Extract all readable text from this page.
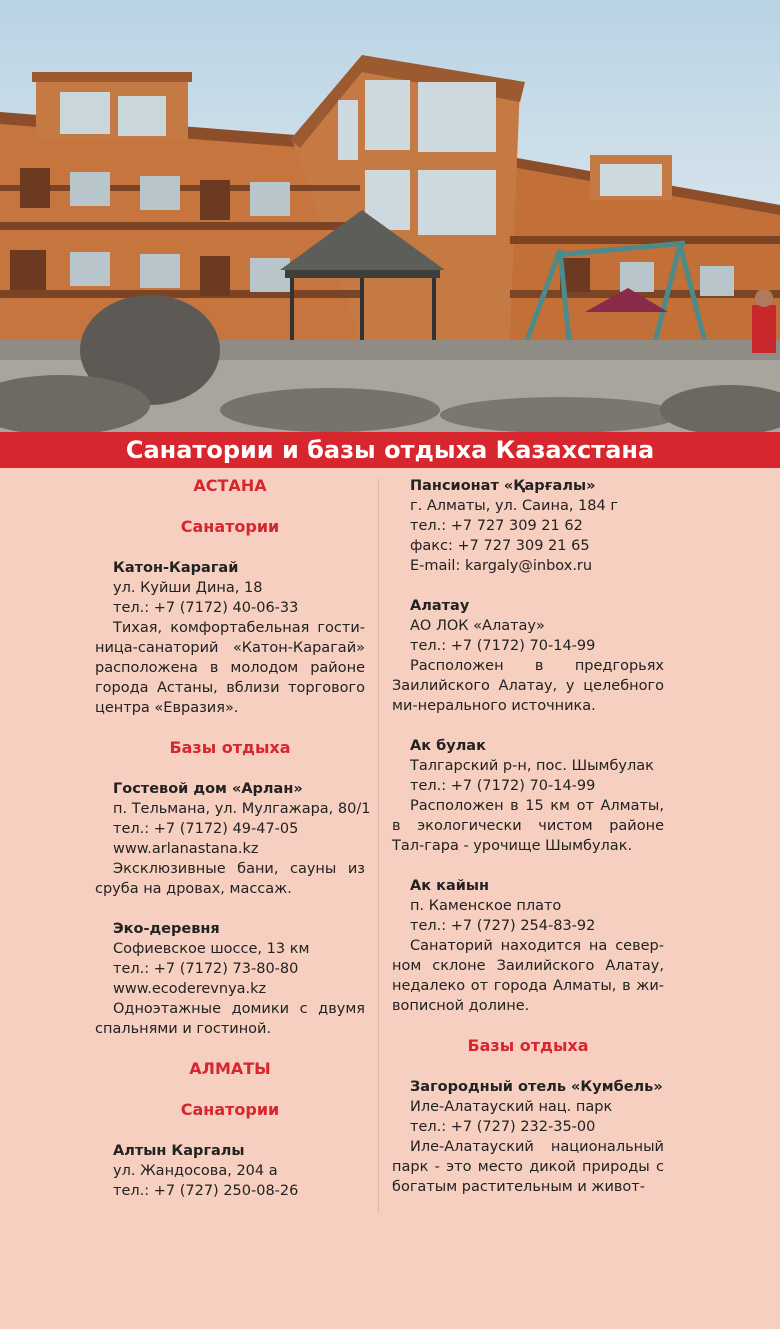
Санатории и базы отдыха Казахстана
АСТАНА
Санатории
Катон-Карагай
ул. Куйши Дина, 18
тел.: +7 (7172) 40-06-33
Тихая, комфортабельная гости-ница-санаторий «Катон-Карагай» расположена в молодом районе города Астаны, вблизи торгового центра «Евразия».
Базы отдыха
Гостевой дом «Арлан»
п. Тельмана, ул. Мулгажара, 80/1
тел.: +7 (7172) 49-47-05
www.arlanastana.kz
Эксклюзивные бани, сауны из сруба на дровах, массаж.
Эко-деревня
Софиевское шоссе, 13 км
тел.: +7 (7172) 73-80-80
www.ecoderevnya.kz
Одноэтажные домики с двумя спальнями и гостиной.
АЛМАТЫ
Санатории
Алтын Каргалы
ул. Жандосова, 204 а
тел.: +7 (727) 250-08-26
Пансионат «Қарғалы»
г. Алматы, ул. Саина, 184 г
тел.: +7 727 309 21 62
факс: +7 727 309 21 65
E-mail: kargaly@inbox.ru
Алатау
АО ЛОК «Алатау»
тел.: +7 (7172) 70-14-99
Расположен в предгорьях Заилийского Алатау, у целебного ми-нерального источника.
Ак булак
Талгарский р-н, пос. Шымбулак
тел.: +7 (7172) 70-14-99
Расположен в 15 км от Алматы, в экологически чистом районе Тал-гара - урочище Шымбулак.
Ак кайын
п. Каменское плато
тел.: +7 (727) 254-83-92
Санаторий находится на север-ном склоне Заилийского Алатау, недалеко от города Алматы, в жи-вописной долине.
Базы отдыха
Загородный отель «Кумбель»
Иле-Алатауский нац. парк
тел.: +7 (727) 232-35-00
Иле-Алатауский национальный парк - это место дикой природы с богатым растительным и живот-
